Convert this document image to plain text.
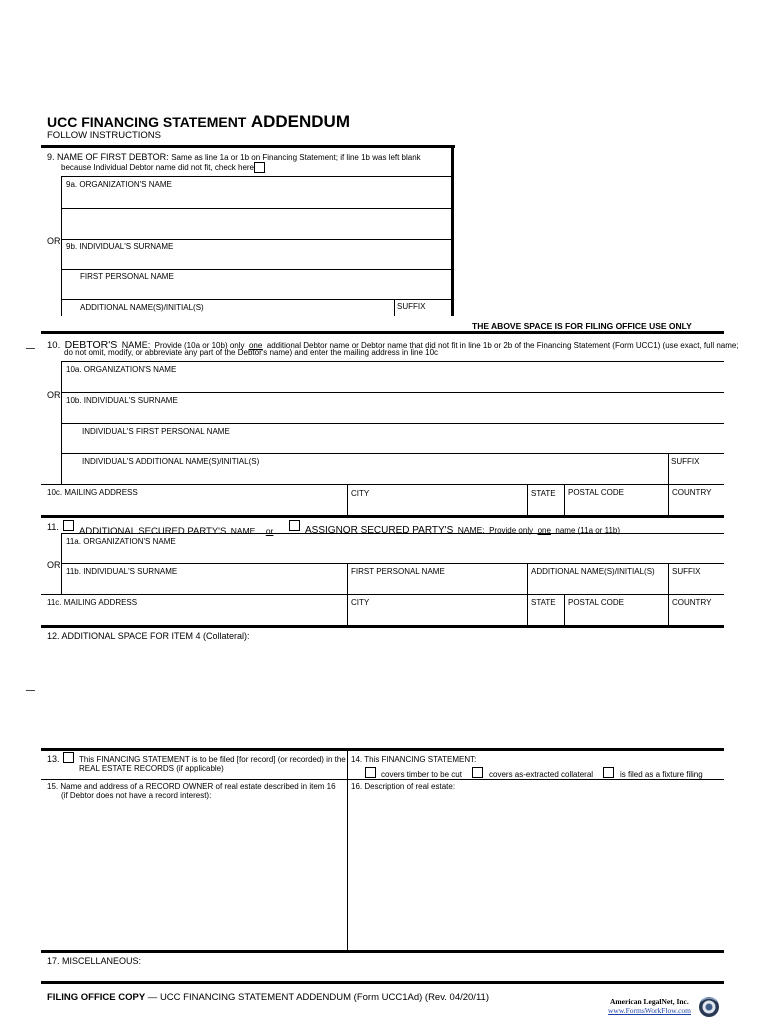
UCC FINANCING STATEMENT ADDENDUM
FOLLOW INSTRUCTIONS
9. NAME OF FIRST DEBTOR: Same as line 1a or 1b on Financing Statement; if line 1b was left blank
because Individual Debtor name did not fit, check here
9a. ORGANIZATION'S NAME
OR
9b. INDIVIDUAL'S SURNAME
FIRST PERSONAL NAME
ADDITIONAL NAME(S)/INITIAL(S)	SUFFIX
THE ABOVE SPACE IS FOR FILING OFFICE USE ONLY
10. DEBTOR'S NAME: Provide (10a or 10b) only one additional Debtor name or Debtor name that did not fit in line 1b or 2b of the Financing Statement (Form UCC1) (use exact, full name;
do not omit, modify, or abbreviate any part of the Debtor's name) and enter the mailing address in line 10c
10a. ORGANIZATION'S NAME
OR
10b. INDIVIDUAL'S SURNAME
INDIVIDUAL'S FIRST PERSONAL NAME
INDIVIDUAL'S ADDITIONAL NAME(S)/INITIAL(S)	SUFFIX
10c. MAILING ADDRESS	CITY	STATE POSTAL CODE	COUNTRY
11. ADDITIONAL SECURED PARTY'S NAME or	ASSIGNOR SECURED PARTY'S NAME: Provide only one name (11a or 11b)
11a. ORGANIZATION'S NAME
OR
11b. INDIVIDUAL'S SURNAME	FIRST PERSONAL NAME	ADDITIONAL NAME(S)/INITIAL(S) SUFFIX
11c. MAILING ADDRESS	CITY	STATE POSTAL CODE	COUNTRY
12. ADDITIONAL SPACE FOR ITEM 4 (Collateral):
13. This FINANCING STATEMENT is to be filed [for record] (or recorded) in the
REAL ESTATE RECORDS (if applicable)
14. This FINANCING STATEMENT:
covers timber to be cut	covers as-extracted collateral	is filed as a fixture filing
15. Name and address of a RECORD OWNER of real estate described in item 16
(if Debtor does not have a record interest):
16. Description of real estate:
17. MISCELLANEOUS:
FILING OFFICE COPY — UCC FINANCING STATEMENT ADDENDUM (Form UCC1Ad) (Rev. 04/20/11)	American LegalNet, Inc.
www.FormsWorkFlow.com
